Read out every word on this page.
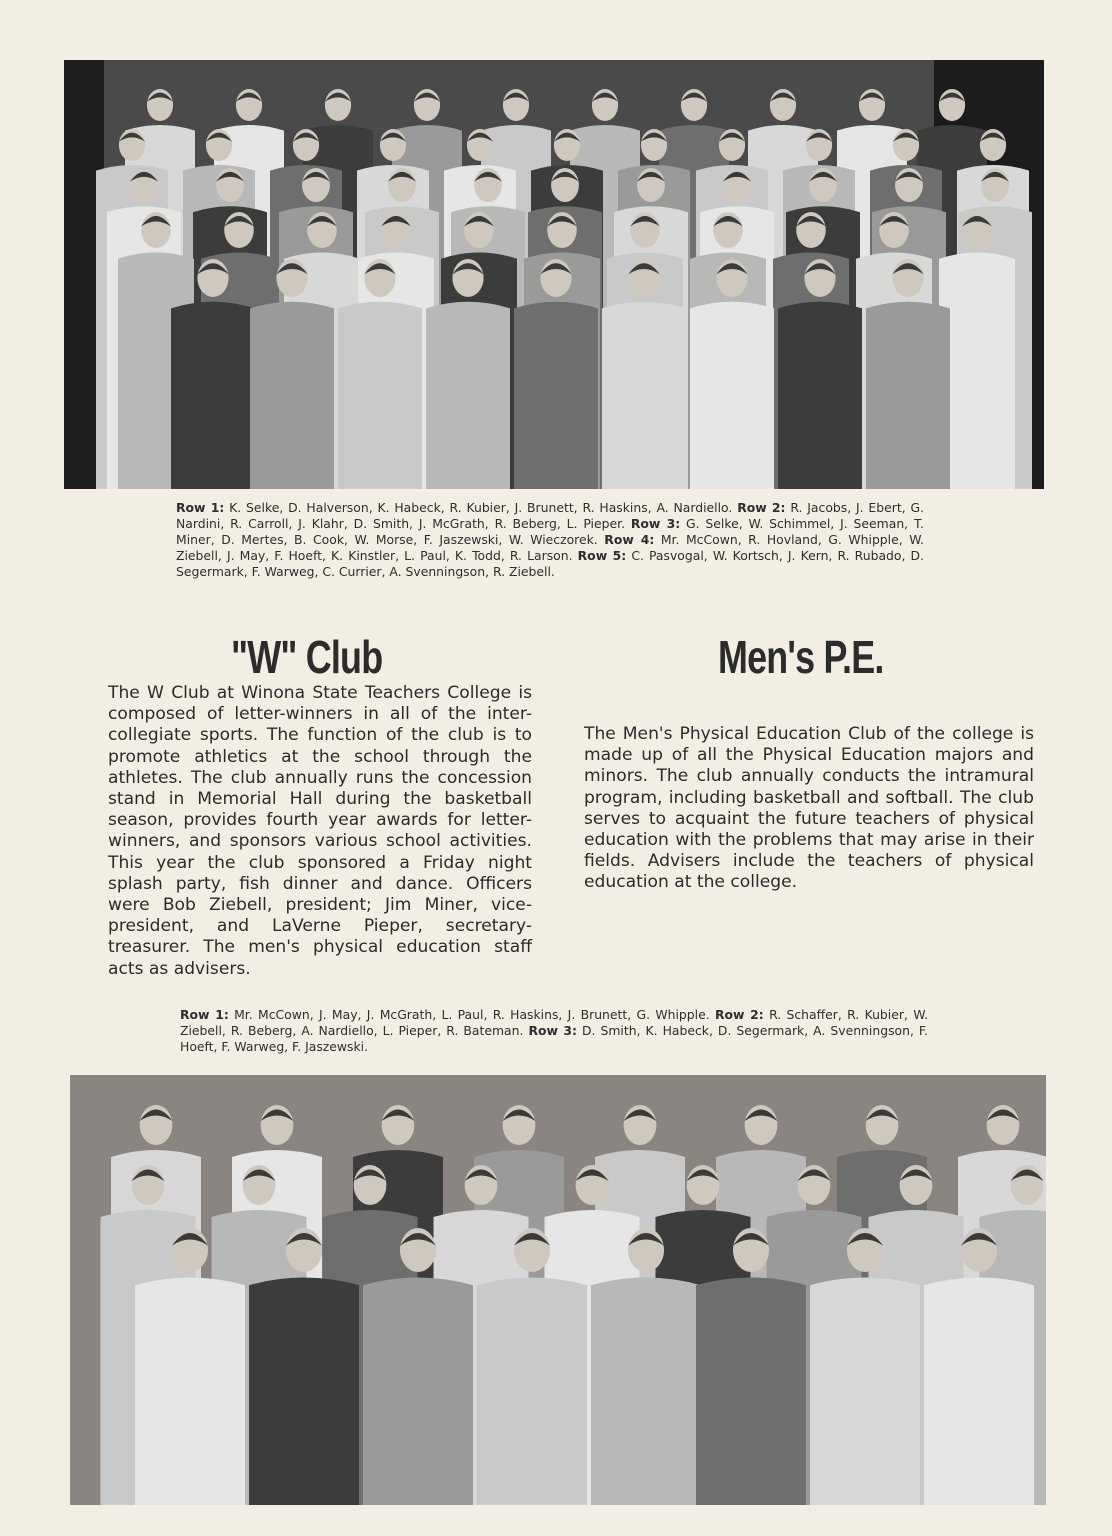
Row 1: K. Selke, D. Halverson, K. Habeck, R. Kubier, J. Brunett, R. Haskins, A. Nardiello. Row 2: R. Jacobs, J. Ebert, G. Nardini, R. Carroll, J. Klahr, D. Smith, J. McGrath, R. Beberg, L. Pieper. Row 3: G. Selke, W. Schimmel, J. Seeman, T. Miner, D. Mertes, B. Cook, W. Morse, F. Jaszewski, W. Wieczorek. Row 4: Mr. McCown, R. Hovland, G. Whipple, W. Ziebell, J. May, F. Hoeft, K. Kinstler, L. Paul, K. Todd, R. Larson. Row 5: C. Pasvogal, W. Kortsch, J. Kern, R. Rubado, D. Segermark, F. Warweg, C. Currier, A. Svenningson, R. Ziebell.
"W" Club	Men's P.E.

The W Club at Winona State Teachers College is composed of letter-winners in all of the inter-collegiate sports. The function of the club is to promote athletics at the school through the athletes. The club annually runs the concession stand in Memorial Hall during the basketball season, provides fourth year awards for letter-winners, and sponsors various school activities. This year the club sponsored a Friday night splash party, fish dinner and dance. Officers were Bob Ziebell, president; Jim Miner, vice-president, and LaVerne Pieper, secretary-treasurer. The men's physical education staff acts as advisers.

The Men's Physical Education Club of the college is made up of all the Physical Education majors and minors. The club annually conducts the intramural program, including basketball and softball. The club serves to acquaint the future teachers of physical education with the problems that may arise in their fields. Advisers include the teachers of physical education at the college.

Row 1: Mr. McCown, J. May, J. McGrath, L. Paul, R. Haskins, J. Brunett, G. Whipple. Row 2: R. Schaffer, R. Kubier, W. Ziebell, R. Beberg, A. Nardiello, L. Pieper, R. Bateman. Row 3: D. Smith, K. Habeck, D. Segermark, A. Svenningson, F. Hoeft, F. Warweg, F. Jaszewski.
